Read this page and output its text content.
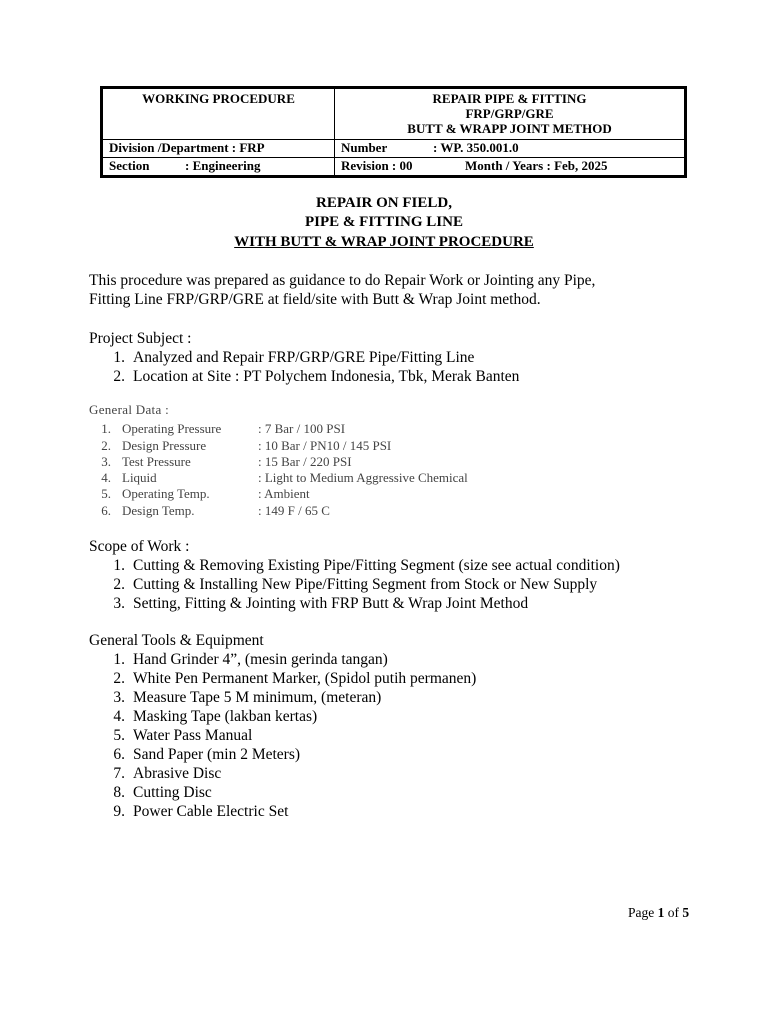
WORKING PROCEDURE	REPAIR PIPE & FITTING
FRP/GRP/GRE
BUTT & WRAPP JOINT METHOD

Division /Department : FRP	Number : WP. 350.001.0

Section : Engineering	Revision : 00 Month / Years : Feb, 2025
REPAIR ON FIELD,
PIPE & FITTING LINE
WITH BUTT & WRAP JOINT PROCEDURE
This procedure was prepared as guidance to do Repair Work or Jointing any Pipe,
Fitting Line FRP/GRP/GRE at field/site with Butt & Wrap Joint method.
Project Subject :
1. Analyzed and Repair FRP/GRP/GRE Pipe/Fitting Line
2. Location at Site : PT Polychem Indonesia, Tbk, Merak Banten
General Data :
1. Operating Pressure	: 7 Bar / 100 PSI
2. Design Pressure	: 10 Bar / PN10 / 145 PSI
3. Test Pressure	: 15 Bar / 220 PSI
4. Liquid	: Light to Medium Aggressive Chemical
5. Operating Temp.	: Ambient
6. Design Temp.	: 149 F / 65 C
Scope of Work :
1. Cutting & Removing Existing Pipe/Fitting Segment (size see actual condition)
2. Cutting & Installing New Pipe/Fitting Segment from Stock or New Supply
3. Setting, Fitting & Jointing with FRP Butt & Wrap Joint Method
General Tools & Equipment
1. Hand Grinder 4”, (mesin gerinda tangan)
2. White Pen Permanent Marker, (Spidol putih permanen)
3. Measure Tape 5 M minimum, (meteran)
4. Masking Tape (lakban kertas)
5. Water Pass Manual
6. Sand Paper (min 2 Meters)
7. Abrasive Disc
8. Cutting Disc
9. Power Cable Electric Set
Page 1 of 5
